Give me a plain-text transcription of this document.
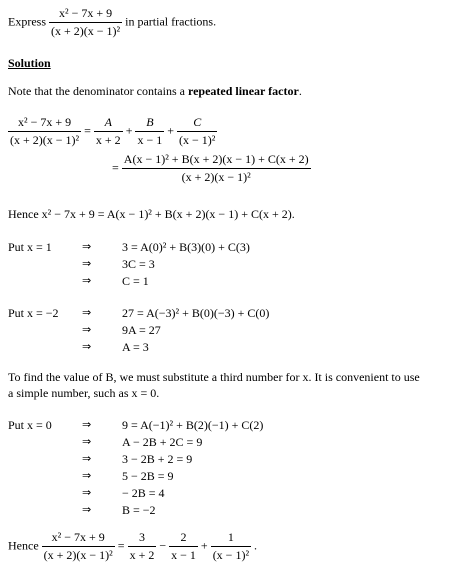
Express $\frac{\text{x² − 7x + 9}}{\text{(x + 2)(x − 1)²}}$ in partial fractions.
Solution
Note that the denominator contains a repeated linear factor.
$\frac{\text{x² − 7x + 9}}{\text{(x + 2)(x − 1)²}} = \frac{A}{x + 2} + \frac{B}{x - 1} + \frac{C}{\text{(x − 1)²}}$
= $\frac{\text{A(x − 1)² + B(x + 2)(x − 1) + C(x + 2)}}{\text{(x + 2)(x − 1)²}}$
Hence x² − 7x + 9 = A(x − 1)² + B(x + 2)(x − 1) + C(x + 2).
Put x = 1	⇒
⇒
⇒
3 = A(0)² + B(3)(0) + C(3)
3C = 3
C = 1
Put x = −2 ⇒
⇒
⇒
27 = A(−3)² + B(0)(−3) + C(0)
9A = 27
A = 3
To find the value of B, we must substitute a third number for x. It is convenient to use
a simple number, such as x = 0.
Put x = 0	⇒
⇒
⇒
⇒
⇒
⇒
9 = A(−1)² + B(2)(−1) + C(2)
A − 2B + 2C = 9
3 − 2B + 2 = 9
5 − 2B = 9
− 2B = 4
B = −2
Hence $\frac{\text{x² − 7x + 9}}{\text{(x + 2)(x − 1)²}} = \frac{3}{x + 2} - \frac{2}{x - 1} + \frac{1}{\text{(x − 1)²}}$ .
